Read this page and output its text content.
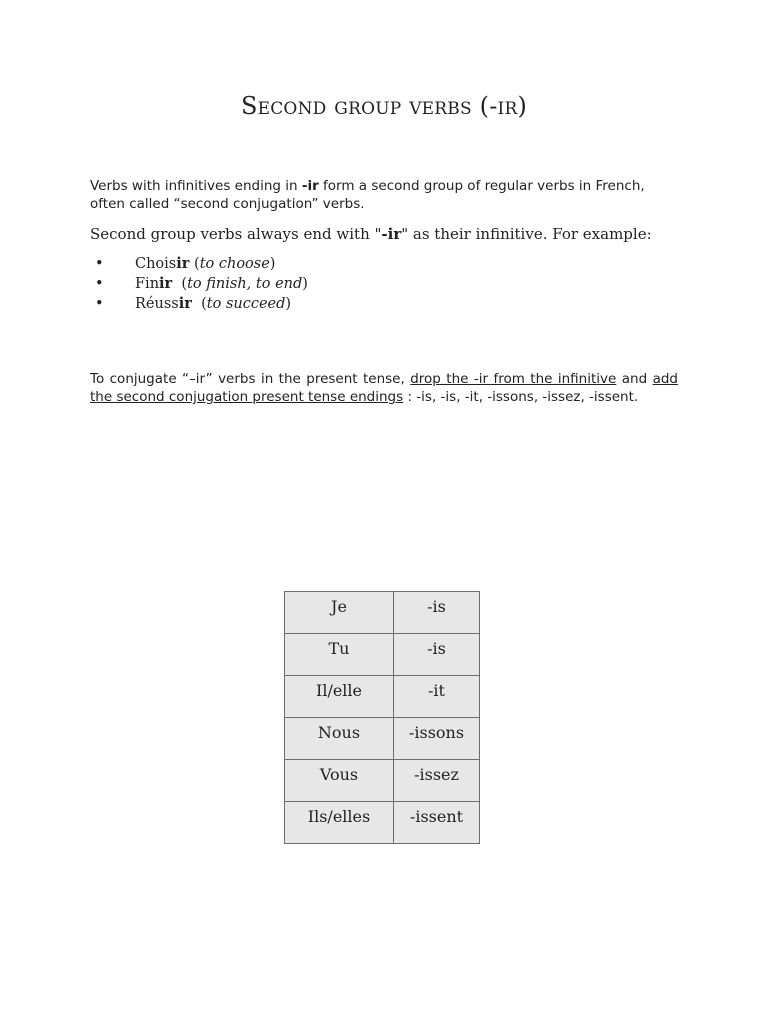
Second group verbs (-ir)

Verbs with infinitives ending in -ir form a second group of regular verbs in French, often called “second conjugation” verbs.

Second group verbs always end with "-ir" as their infinitive. For example:

• Choisir (to choose)
• Finir  (to finish, to end)
• Réussir  (to succeed)

To conjugate “–ir” verbs in the present tense, drop the -ir from the infinitive and add the second conjugation present tense endings : -is, -is, -it, -issons, -issez, -issent.

Je	-is
Tu	-is
Il/elle	-it
Nous	-issons
Vous	-issez
Ils/elles	-issent
